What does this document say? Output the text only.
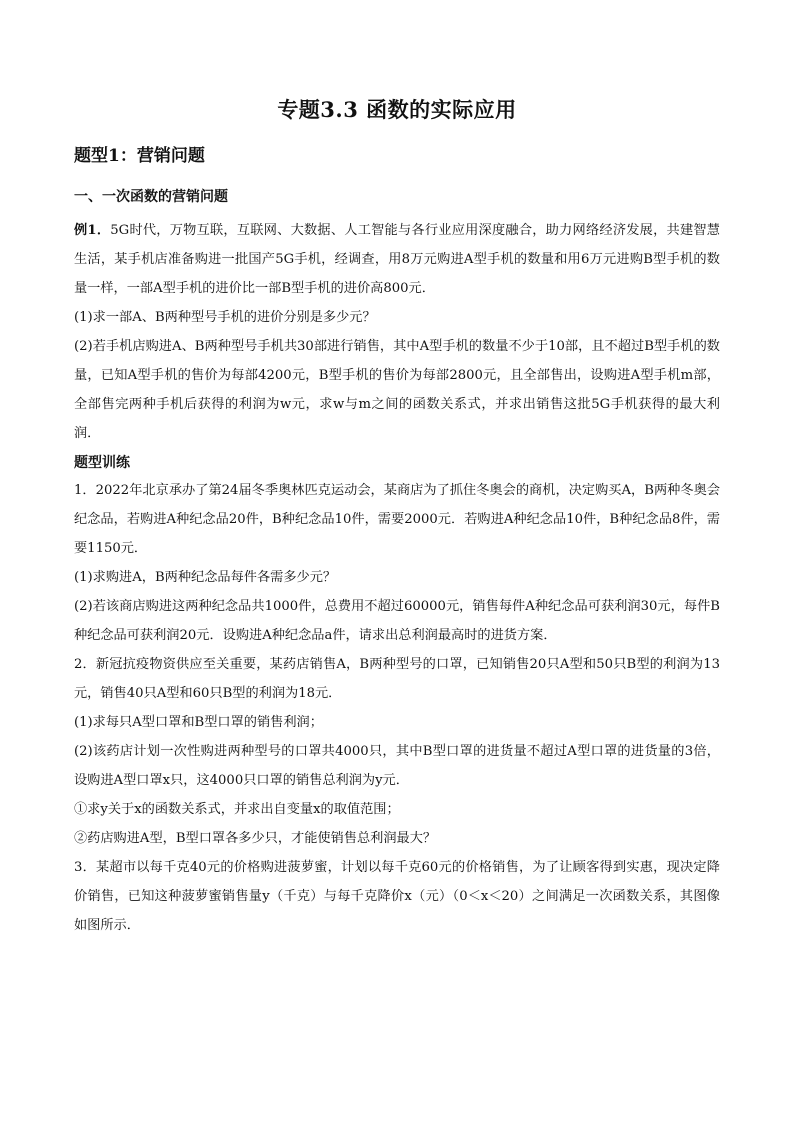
专题3.3 函数的实际应用
题型1：营销问题
一、一次函数的营销问题

例1．5G时代，万物互联，互联网、大数据、人工智能与各行业应用深度融合，助力网络经济发展，共建智慧生活，某手机店准备购进一批国产5G手机，经调查，用8万元购进A型手机的数量和用6万元进购B型手机的数量一样，一部A型手机的进价比一部B型手机的进价高800元．

(1)求一部A、B两种型号手机的进价分别是多少元？

(2)若手机店购进A、B两种型号手机共30部进行销售，其中A型手机的数量不少于10部，且不超过B型手机的数量，已知A型手机的售价为每部4200元，B型手机的售价为每部2800元，且全部售出，设购进A型手机m部，全部售完两种手机后获得的利润为w元，求w与m之间的函数关系式，并求出销售这批5G手机获得的最大利润．

题型训练

1．2022年北京承办了第24届冬季奥林匹克运动会，某商店为了抓住冬奥会的商机，决定购买A，B两种冬奥会纪念品，若购进A种纪念品20件，B种纪念品10件，需要2000元．若购进A种纪念品10件，B种纪念品8件，需要1150元．

(1)求购进A，B两种纪念品每件各需多少元？

(2)若该商店购进这两种纪念品共1000件，总费用不超过60000元，销售每件A种纪念品可获利润30元，每件B种纪念品可获利润20元．设购进A种纪念品a件，请求出总利润最高时的进货方案．

2．新冠抗疫物资供应至关重要，某药店销售A，B两种型号的口罩，已知销售20只A型和50只B型的利润为13元，销售40只A型和60只B型的利润为18元．

(1)求每只A型口罩和B型口罩的销售利润；

(2)该药店计划一次性购进两种型号的口罩共4000只，其中B型口罩的进货量不超过A型口罩的进货量的3倍，设购进A型口罩x只，这4000只口罩的销售总利润为y元．

①求y关于x的函数关系式，并求出自变量x的取值范围；

②药店购进A型，B型口罩各多少只，才能使销售总利润最大？

3．某超市以每千克40元的价格购进菠萝蜜，计划以每千克60元的价格销售，为了让顾客得到实惠，现决定降价销售，已知这种菠萝蜜销售量y（千克）与每千克降价x（元）（0＜x＜20）之间满足一次函数关系，其图像如图所示．
